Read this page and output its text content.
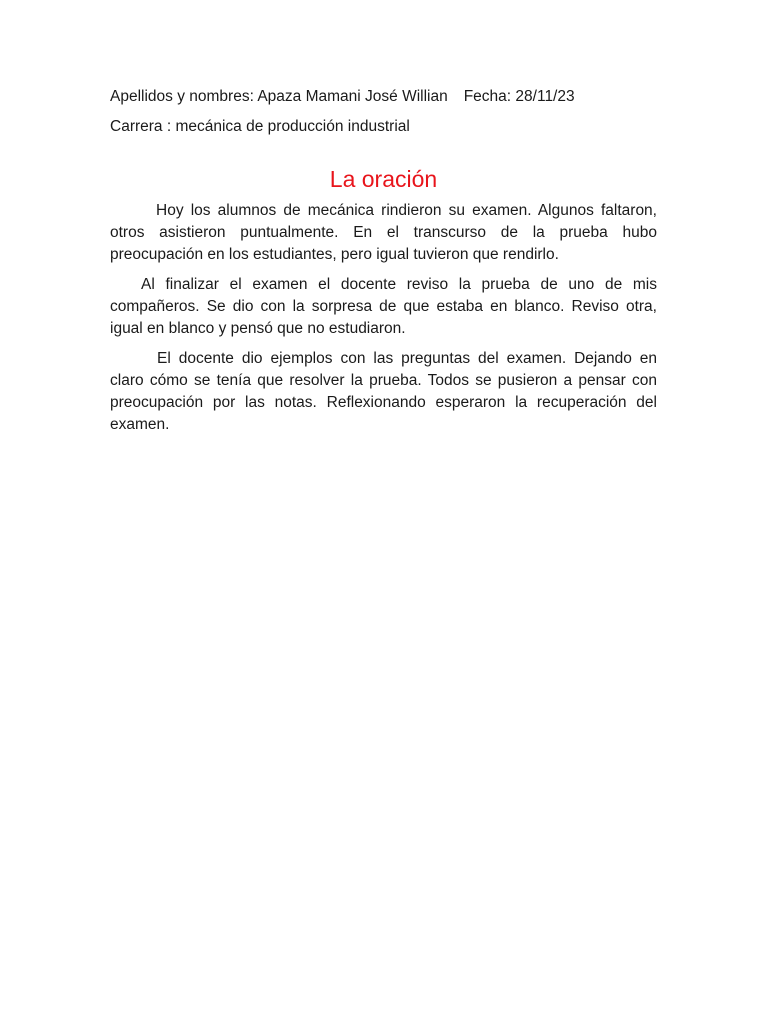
Apellidos y nombres: Apaza Mamani José Willian Fecha: 28/11/23

Carrera : mecánica de producción industrial

La oración

Hoy los alumnos de mecánica rindieron su examen. Algunos faltaron, otros asistieron puntualmente. En el transcurso de la prueba hubo preocupación en los estudiantes, pero igual tuvieron que rendirlo.

Al finalizar el examen el docente reviso la prueba de uno de mis compañeros. Se dio con la sorpresa de que estaba en blanco. Reviso otra, igual en blanco y pensó que no estudiaron.

El docente dio ejemplos con las preguntas del examen. Dejando en claro cómo se tenía que resolver la prueba. Todos se pusieron a pensar con preocupación por las notas. Reflexionando esperaron la recuperación del examen.
